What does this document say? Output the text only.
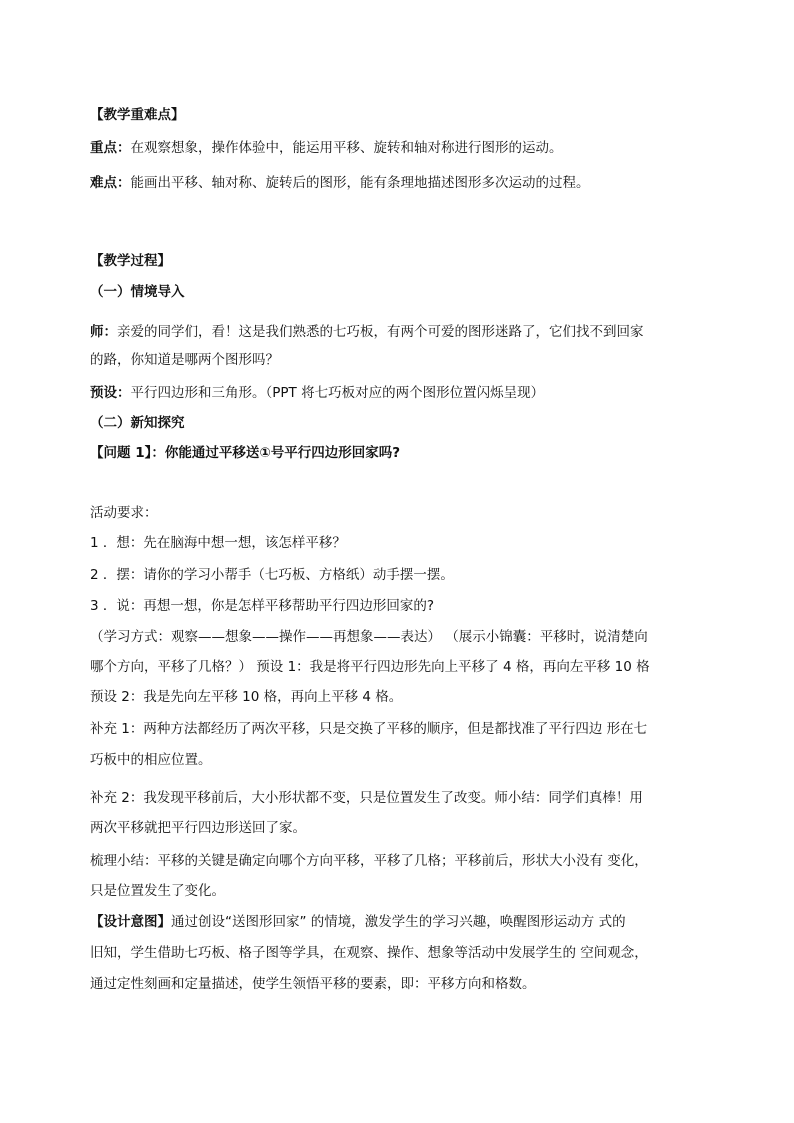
【教学重难点】

重点：在观察想象，操作体验中，能运用平移、旋转和轴对称进行图形的运动。

难点：能画出平移、轴对称、旋转后的图形，能有条理地描述图形多次运动的过程。

【教学过程】

（一）情境导入

师：亲爱的同学们，看！这是我们熟悉的七巧板，有两个可爱的图形迷路了，它们找不到回家

的路，你知道是哪两个图形吗？

预设：平行四边形和三角形。（PPT 将七巧板对应的两个图形位置闪烁呈现）

（二）新知探究

【问题 1】：你能通过平移送①号平行四边形回家吗?

活动要求：

1 ．想：先在脑海中想一想，该怎样平移？

2 ．摆：请你的学习小帮手（七巧板、方格纸）动手摆一摆。

3 ．说：再想一想，你是怎样平移帮助平行四边形回家的?

（学习方式：观察——想象——操作——再想象——表达） （展示小锦囊：平移时，说清楚向

哪个方向，平移了几格？） 预设 1：我是将平行四边形先向上平移了 4 格，再向左平移 10 格

预设 2：我是先向左平移 10 格，再向上平移 4 格。

补充 1：两种方法都经历了两次平移，只是交换了平移的顺序，但是都找准了平行四边 形在七

巧板中的相应位置。

补充 2：我发现平移前后，大小形状都不变，只是位置发生了改变。师小结：同学们真棒！用

两次平移就把平行四边形送回了家。

梳理小结：平移的关键是确定向哪个方向平移，平移了几格；平移前后，形状大小没有 变化，

只是位置发生了变化。

【设计意图】通过创设“送图形回家” 的情境，激发学生的学习兴趣，唤醒图形运动方 式的

旧知，学生借助七巧板、格子图等学具，在观察、操作、想象等活动中发展学生的 空间观念，

通过定性刻画和定量描述，使学生领悟平移的要素，即：平移方向和格数。
